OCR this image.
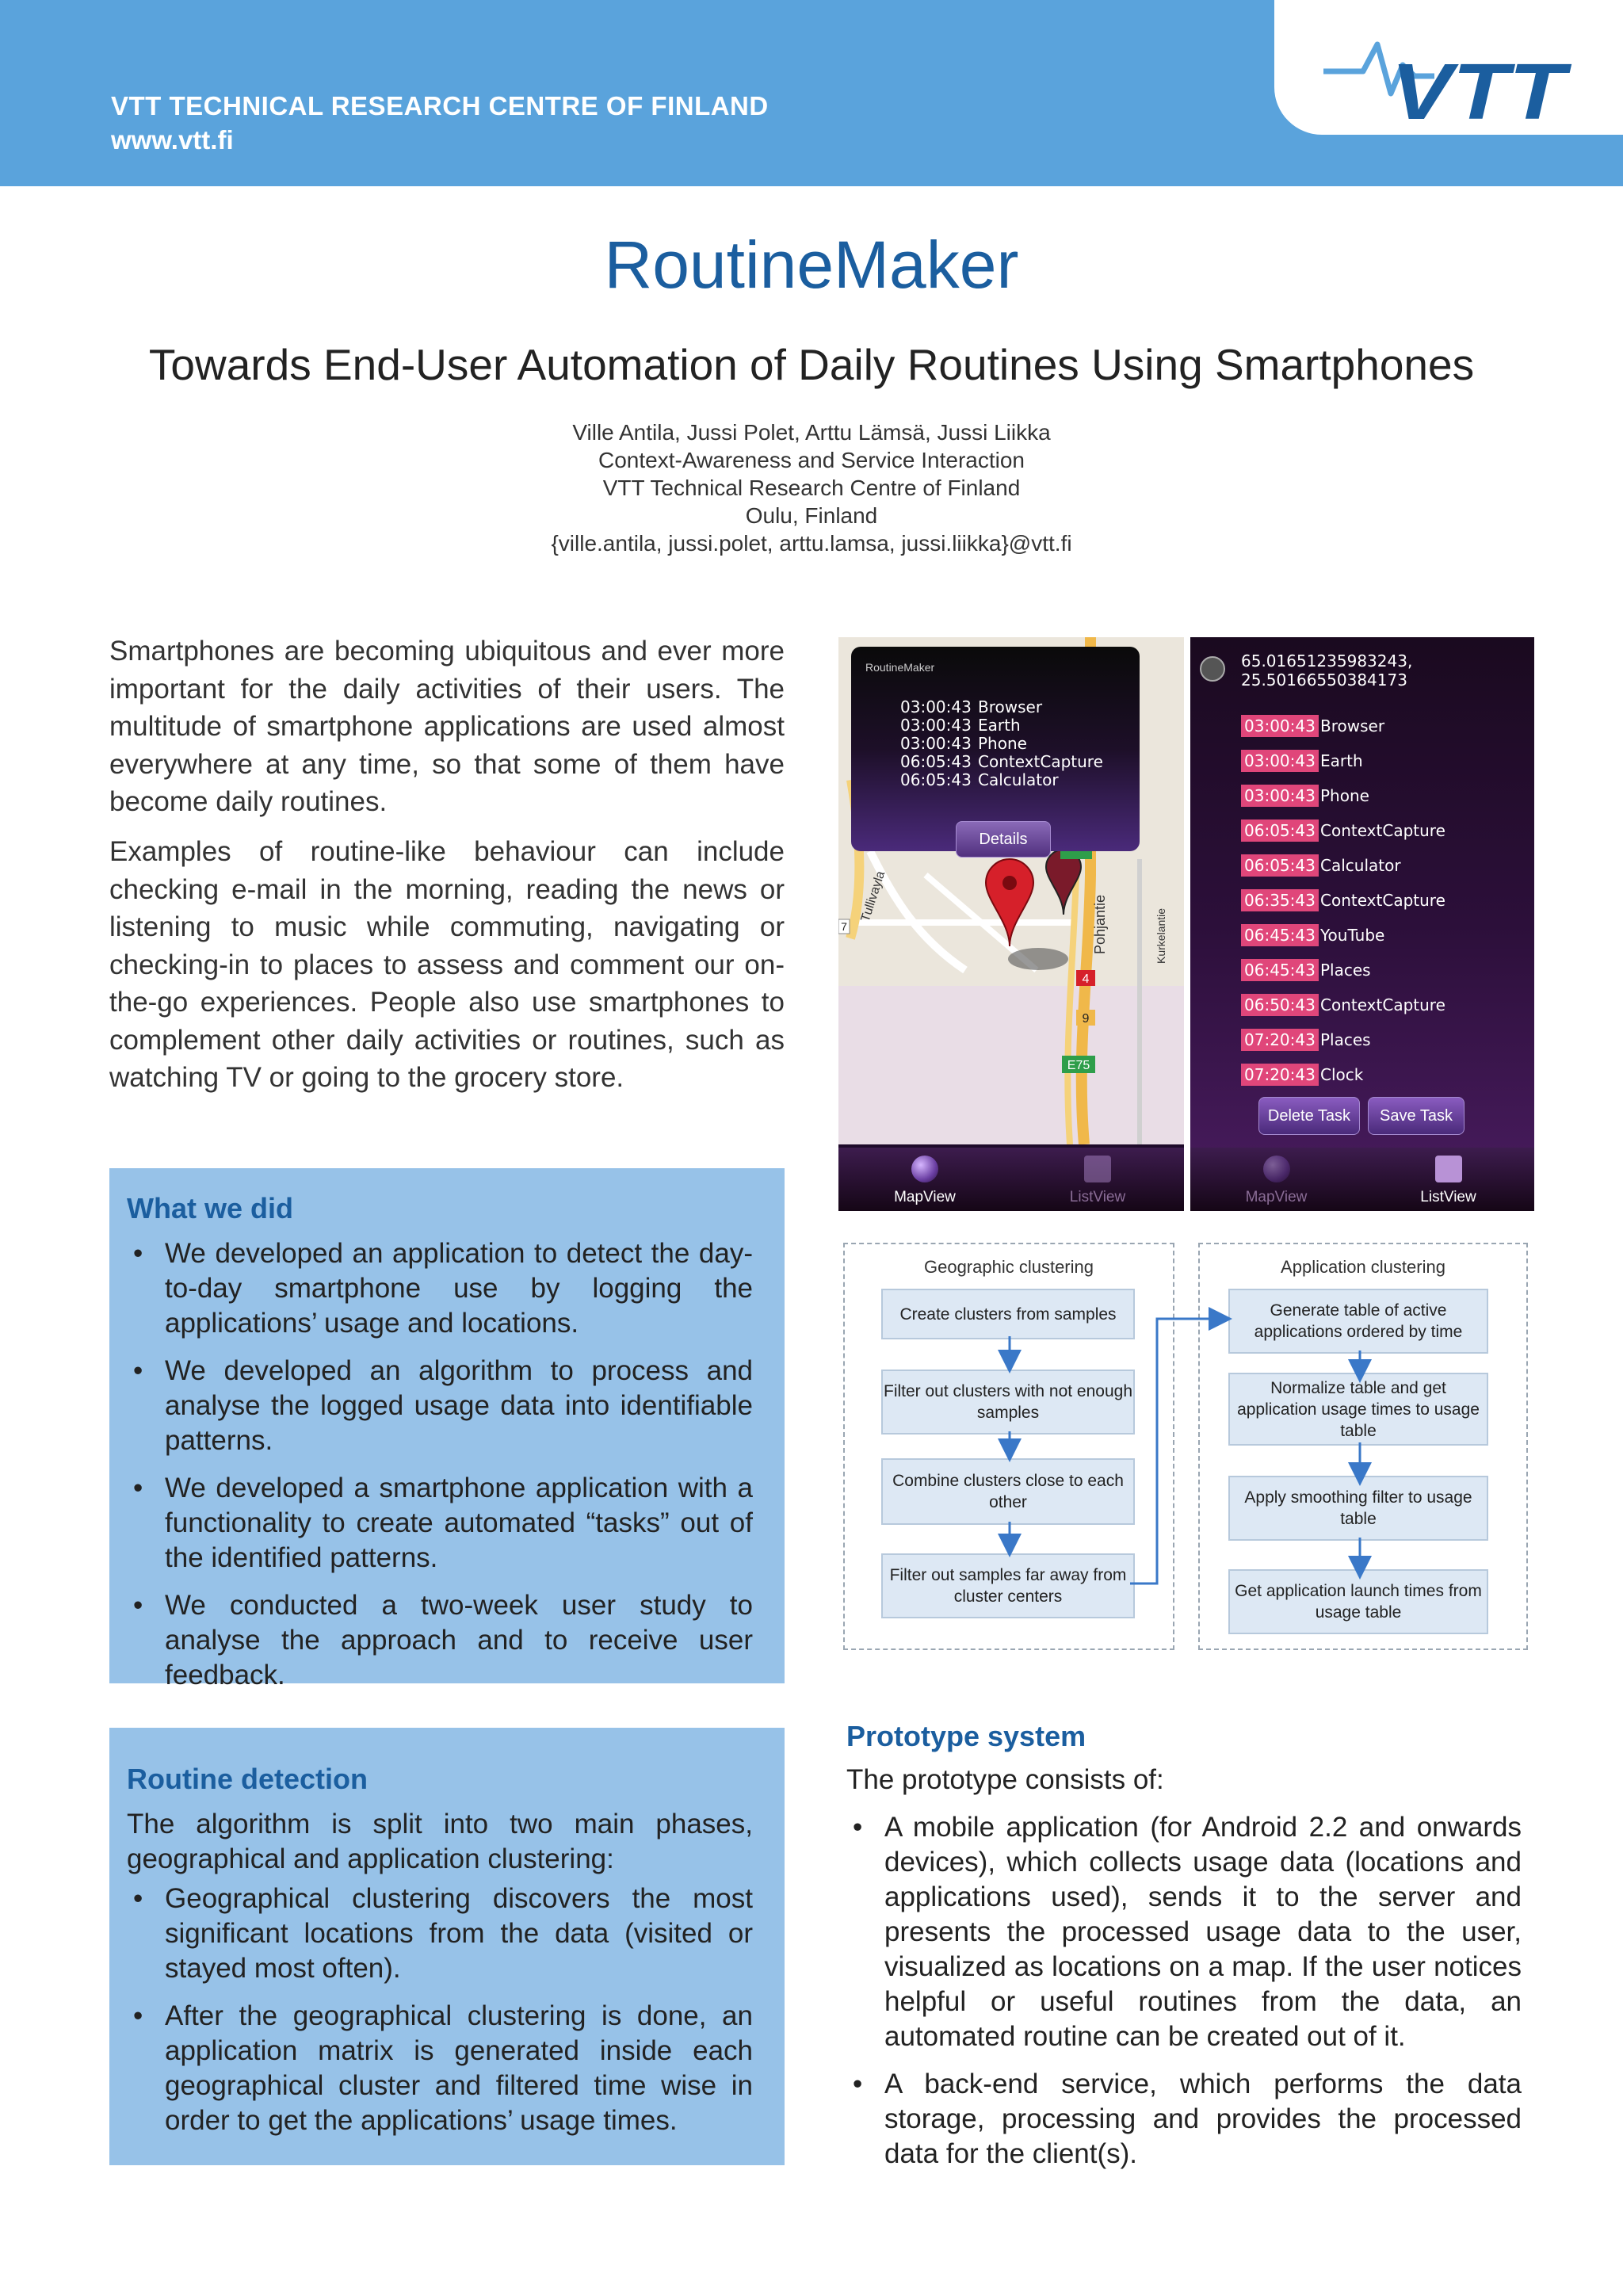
VTT TECHNICAL RESEARCH CENTRE OF FINLAND
www.vtt.fi
VTT
RoutineMaker
Towards End-User Automation of Daily Routines Using Smartphones
Ville Antila, Jussi Polet, Arttu Lämsä, Jussi Liikka
Context-Awareness and Service Interaction
VTT Technical Research Centre of Finland
Oulu, Finland
{ville.antila, jussi.polet, arttu.lamsa, jussi.liikka}@vtt.fi
Smartphones are becoming ubiquitous and ever more important for the daily activities of their users. The multitude of smartphone applications are used almost everywhere at any time, so that some of them have become daily routines.
Examples of routine-like behaviour can include checking e-mail in the morning, reading the news or listening to music while commuting, navigating or checking-in to places to assess and comment our on-the-go experiences. People also use smartphones to complement other daily activities or routines, such as watching TV or going to the grocery store.
What we did
• We developed an application to detect the day-to-day smartphone use by logging the applications’ usage and locations.
• We developed an algorithm to process and analyse the logged usage data into identifiable patterns.
• We developed a smartphone application with a functionality to create automated “tasks” out of the identified patterns.
• We conducted a two-week user study to analyse the approach and to receive user feedback.
Routine detection
The algorithm is split into two main phases, geographical and application clustering:
• Geographical clustering discovers the most significant locations from the data (visited or stayed most often).
• After the geographical clustering is done, an application matrix is generated inside each geographical cluster and filtered time wise in order to get the applications’ usage times.
4
9
E75
7
Tullivayla	Pohjantie	Kurkelantie
RoutineMaker
03:00:43 Browser
03:00:43 Earth
03:00:43 Phone
06:05:43 ContextCapture
06:05:43 Calculator
Details
MapView	ListView
65.01651235983243,
25.50166550384173
03:00:43 Browser
03:00:43 Earth
03:00:43 Phone
06:05:43 ContextCapture
06:05:43 Calculator
06:35:43 ContextCapture
06:45:43 YouTube
06:45:43 Places
06:50:43 ContextCapture
07:20:43 Places
07:20:43 Clock
Delete Task	Save Task
MapView	ListView
Geographic clustering
Create clusters from samples
Filter out clusters with not enough samples
Combine clusters close to each other
Filter out samples far away from cluster centers
Application clustering
Generate table of active applications ordered by time
Normalize table and get application usage times to usage table
Apply smoothing filter to usage table
Get application launch times from usage table
Prototype system
The prototype consists of:
• A mobile application (for Android 2.2 and onwards devices), which collects usage data (locations and applications used), sends it to the server and presents the processed usage data to the user, visualized as locations on a map. If the user notices helpful or useful routines from the data, an automated routine can be created out of it.
• A back-end service, which performs the data storage, processing and provides the processed data for the client(s).
